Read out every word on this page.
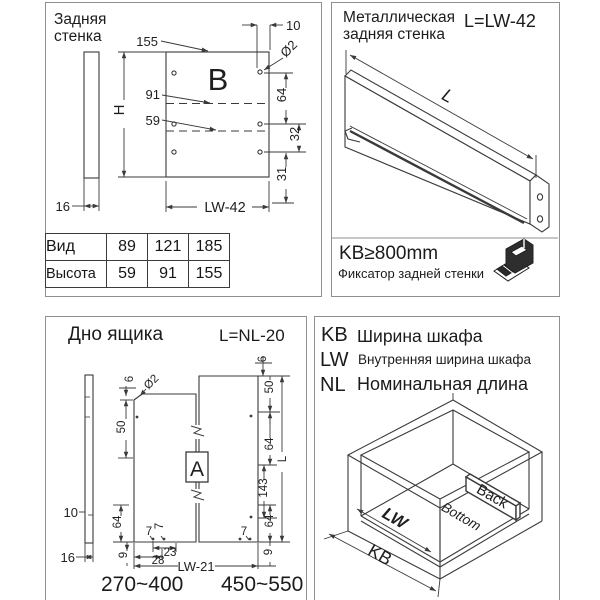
Задняя
стенка
Вид	89	121	185
Высота	59	91	155
Металлическая
задняя стенка
L=LW-42
KB≥800mm
Фиксатор задней стенки
Дно ящика	L=NL-20
270~400 450~550
KB Ширина шкафа
LW Внутренняя ширина шкафа
NL Номинальная длина
155
10
Ø2
91
59
H
64
32
31
16	LW-42
B	L
6 Ø2
50
64
9
7 7
23
28 LW-21
6
50
64
L
143
7
64
9
10
16
A
Back
Bottom
LW
KB
